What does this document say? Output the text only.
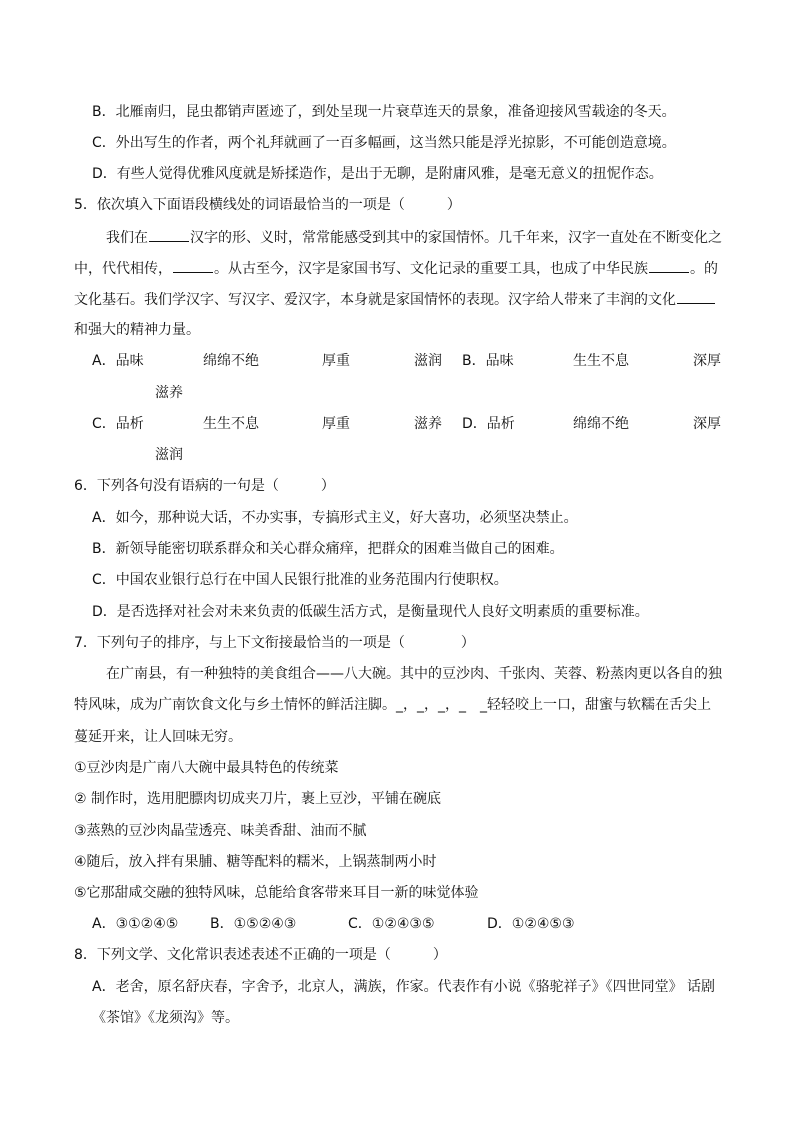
B．北雁南归，昆虫都销声匿迹了，到处呈现一片衰草连天的景象，准备迎接风雪载途的冬天。
C．外出写生的作者，两个礼拜就画了一百多幅画，这当然只能是浮光掠影，不可能创造意境。
D．有些人觉得优雅风度就是矫揉造作，是出于无聊，是附庸风雅，是毫无意义的扭怩作态。
5．依次填入下面语段横线处的词语最恰当的一项是（　　　）
我们在	汉字的形、义时，常常能感受到其中的家国情怀。几千年来，汉字一直处在不断变化之
中，代代相传，	。从古至今，汉字是家国书写、文化记录的重要工具，也成了中华民族	。的
文化基石。我们学汉字、写汉字、爱汉字，本身就是家国情怀的表现。汉字给人带来了丰润的文化
和强大的精神力量。
A．品味	绵绵不绝	厚重	滋润 B．品味	生生不息	深厚
滋养
C．品析	生生不息	厚重	滋养 D．品析	绵绵不绝	深厚
滋润
6．下列各句没有语病的一句是（　　　）
A．如今，那种说大话，不办实事，专搞形式主义，好大喜功，必须坚决禁止。
B．新领导能密切联系群众和关心群众痛痒，把群众的困难当做自己的困难。
C．中国农业银行总行在中国人民银行批准的业务范围内行使职权。
D．是否选择对社会对未来负责的低碳生活方式，是衡量现代人良好文明素质的重要标准。
7．下列句子的排序，与上下文衔接最恰当的一项是（　　　　）
在广南县，有一种独特的美食组合——八大碗。其中的豆沙肉、千张肉、芙蓉、粉蒸肉更以各自的独
特风味，成为广南饮食文化与乡土情怀的鲜活注脚。_，_，_，_　_轻轻咬上一口，甜蜜与软糯在舌尖上
蔓延开来，让人回味无穷。
①豆沙肉是广南八大碗中最具特色的传统菜
② 制作时，选用肥膘肉切成夹刀片，裹上豆沙，平铺在碗底
③蒸熟的豆沙肉晶莹透亮、味美香甜、油而不腻
④随后，放入拌有果脯、糖等配料的糯米，上锅蒸制两小时
⑤它那甜咸交融的独特风味，总能给食客带来耳目一新的味觉体验
A．③①②④⑤ B．①⑤②④③	C．①②④③⑤	D．①②④⑤③
8．下列文学、文化常识表述表述不正确的一项是（　　　）
A．老舍，原名舒庆春，字舍予，北京人，满族，作家。代表作有小说《骆驼祥子》《四世同堂》 话剧
《茶馆》《龙须沟》等。
